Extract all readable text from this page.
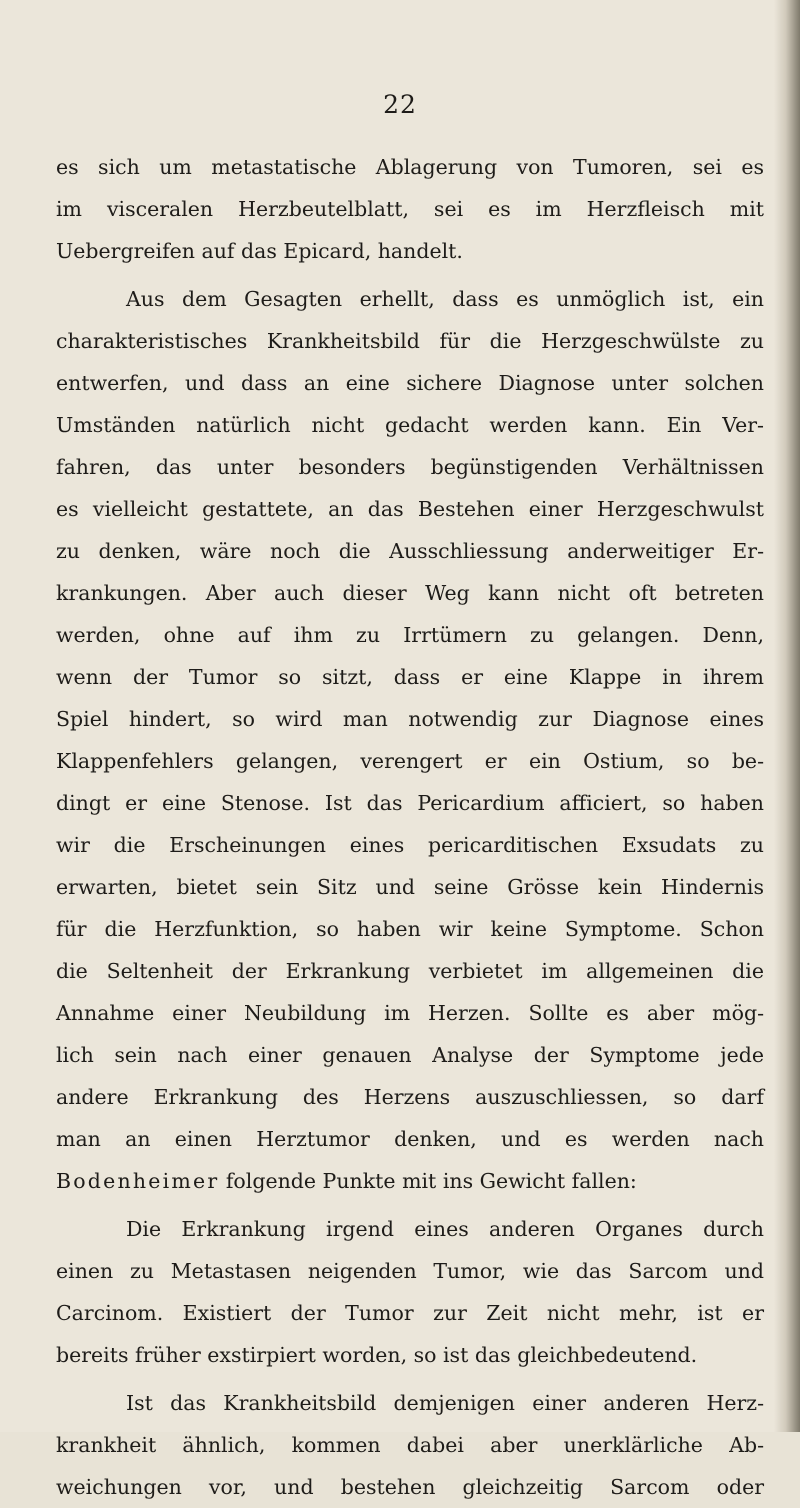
22
es sich um metastatische Ablagerung von Tumoren, sei es
im visceralen Herzbeutelblatt, sei es im Herzfleisch mit
Uebergreifen auf das Epicard, handelt.
Aus dem Gesagten erhellt, dass es unmöglich ist, ein
charakteristisches Krankheitsbild für die Herzgeschwülste zu
entwerfen, und dass an eine sichere Diagnose unter solchen
Umständen natürlich nicht gedacht werden kann. Ein Ver-
fahren, das unter besonders begünstigenden Verhältnissen
es vielleicht gestattete, an das Bestehen einer Herzgeschwulst
zu denken, wäre noch die Ausschliessung anderweitiger Er-
krankungen. Aber auch dieser Weg kann nicht oft betreten
werden, ohne auf ihm zu Irrtümern zu gelangen. Denn,
wenn der Tumor so sitzt, dass er eine Klappe in ihrem
Spiel hindert, so wird man notwendig zur Diagnose eines
Klappenfehlers gelangen, verengert er ein Ostium, so be-
dingt er eine Stenose. Ist das Pericardium afficiert, so haben
wir die Erscheinungen eines pericarditischen Exsudats zu
erwarten, bietet sein Sitz und seine Grösse kein Hindernis
für die Herzfunktion, so haben wir keine Symptome. Schon
die Seltenheit der Erkrankung verbietet im allgemeinen die
Annahme einer Neubildung im Herzen. Sollte es aber mög-
lich sein nach einer genauen Analyse der Symptome jede
andere Erkrankung des Herzens auszuschliessen, so darf
man an einen Herztumor denken, und es werden nach
Bodenheimer folgende Punkte mit ins Gewicht fallen:
Die Erkrankung irgend eines anderen Organes durch
einen zu Metastasen neigenden Tumor, wie das Sarcom und
Carcinom. Existiert der Tumor zur Zeit nicht mehr, ist er
bereits früher exstirpiert worden, so ist das gleichbedeutend.
Ist das Krankheitsbild demjenigen einer anderen Herz-
krankheit ähnlich, kommen dabei aber unerklärliche Ab-
weichungen vor, und bestehen gleichzeitig Sarcom oder
